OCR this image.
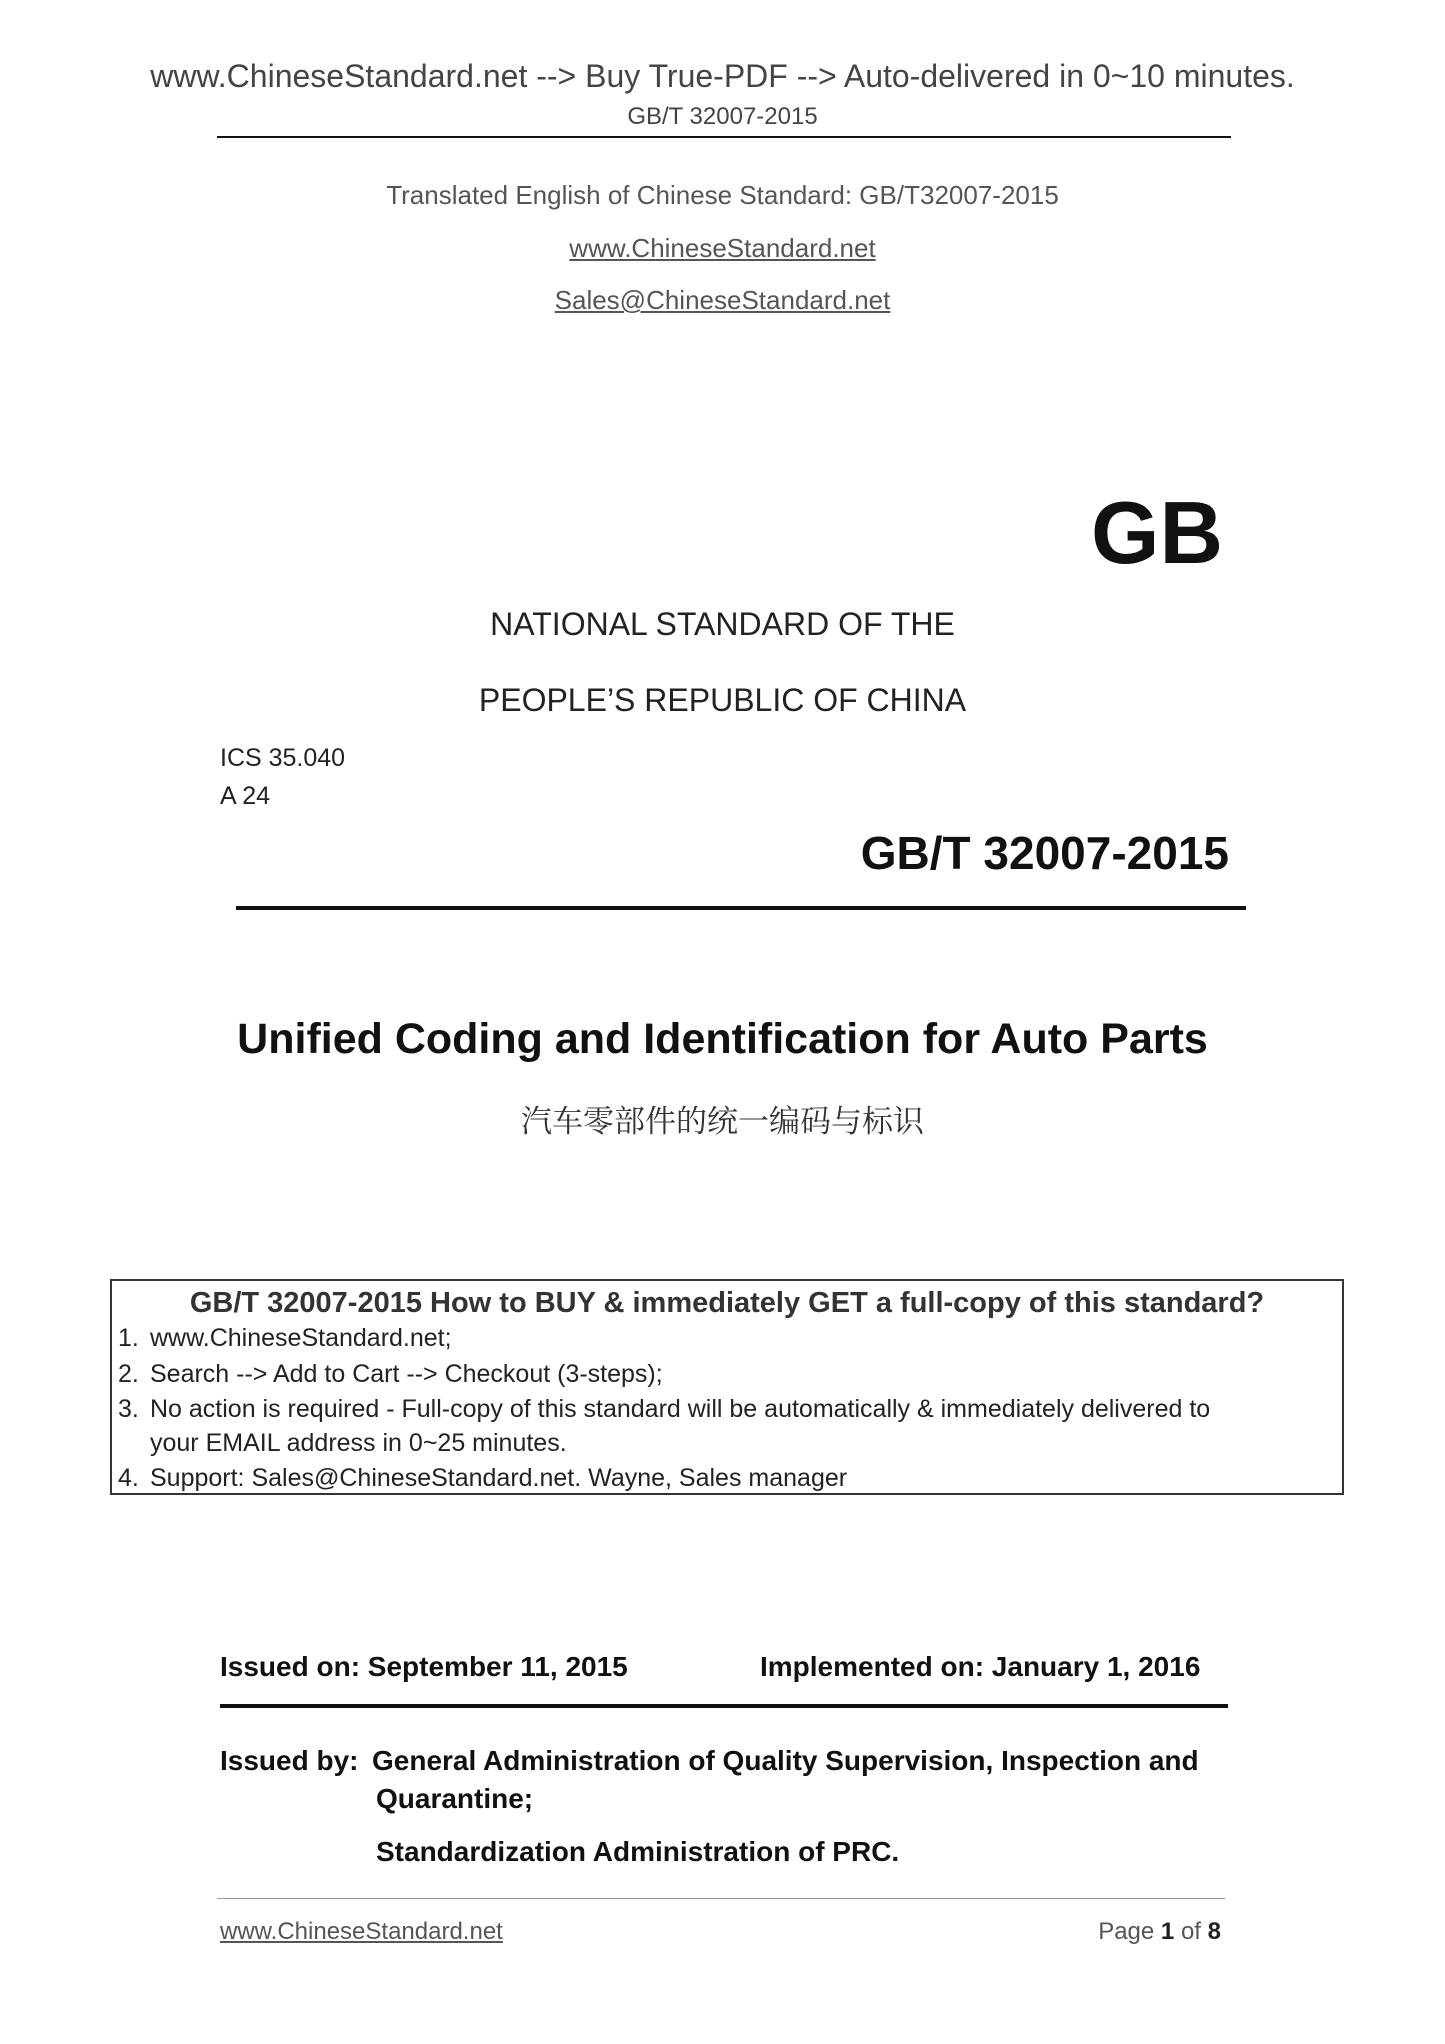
www.ChineseStandard.net --> Buy True-PDF --> Auto-delivered in 0~10 minutes.
GB/T 32007-2015
Translated English of Chinese Standard: GB/T32007-2015
www.ChineseStandard.net
Sales@ChineseStandard.net
GB
NATIONAL STANDARD OF THE
PEOPLE’S REPUBLIC OF CHINA
ICS 35.040
A 24
GB/T 32007-2015
Unified Coding and Identification for Auto Parts
汽车零部件的统一编码与标识
GB/T 32007-2015 How to BUY & immediately GET a full-copy of this standard?
1. www.ChineseStandard.net;
2. Search --> Add to Cart --> Checkout (3-steps);
3. No action is required - Full-copy of this standard will be automatically & immediately delivered to
your EMAIL address in 0~25 minutes.
4. Support: Sales@ChineseStandard.net. Wayne, Sales manager
Issued on: September 11, 2015	Implemented on: January 1, 2016
Issued by: General Administration of Quality Supervision, Inspection and
Quarantine;
Standardization Administration of PRC.
www.ChineseStandard.net	Page 1 of 8
